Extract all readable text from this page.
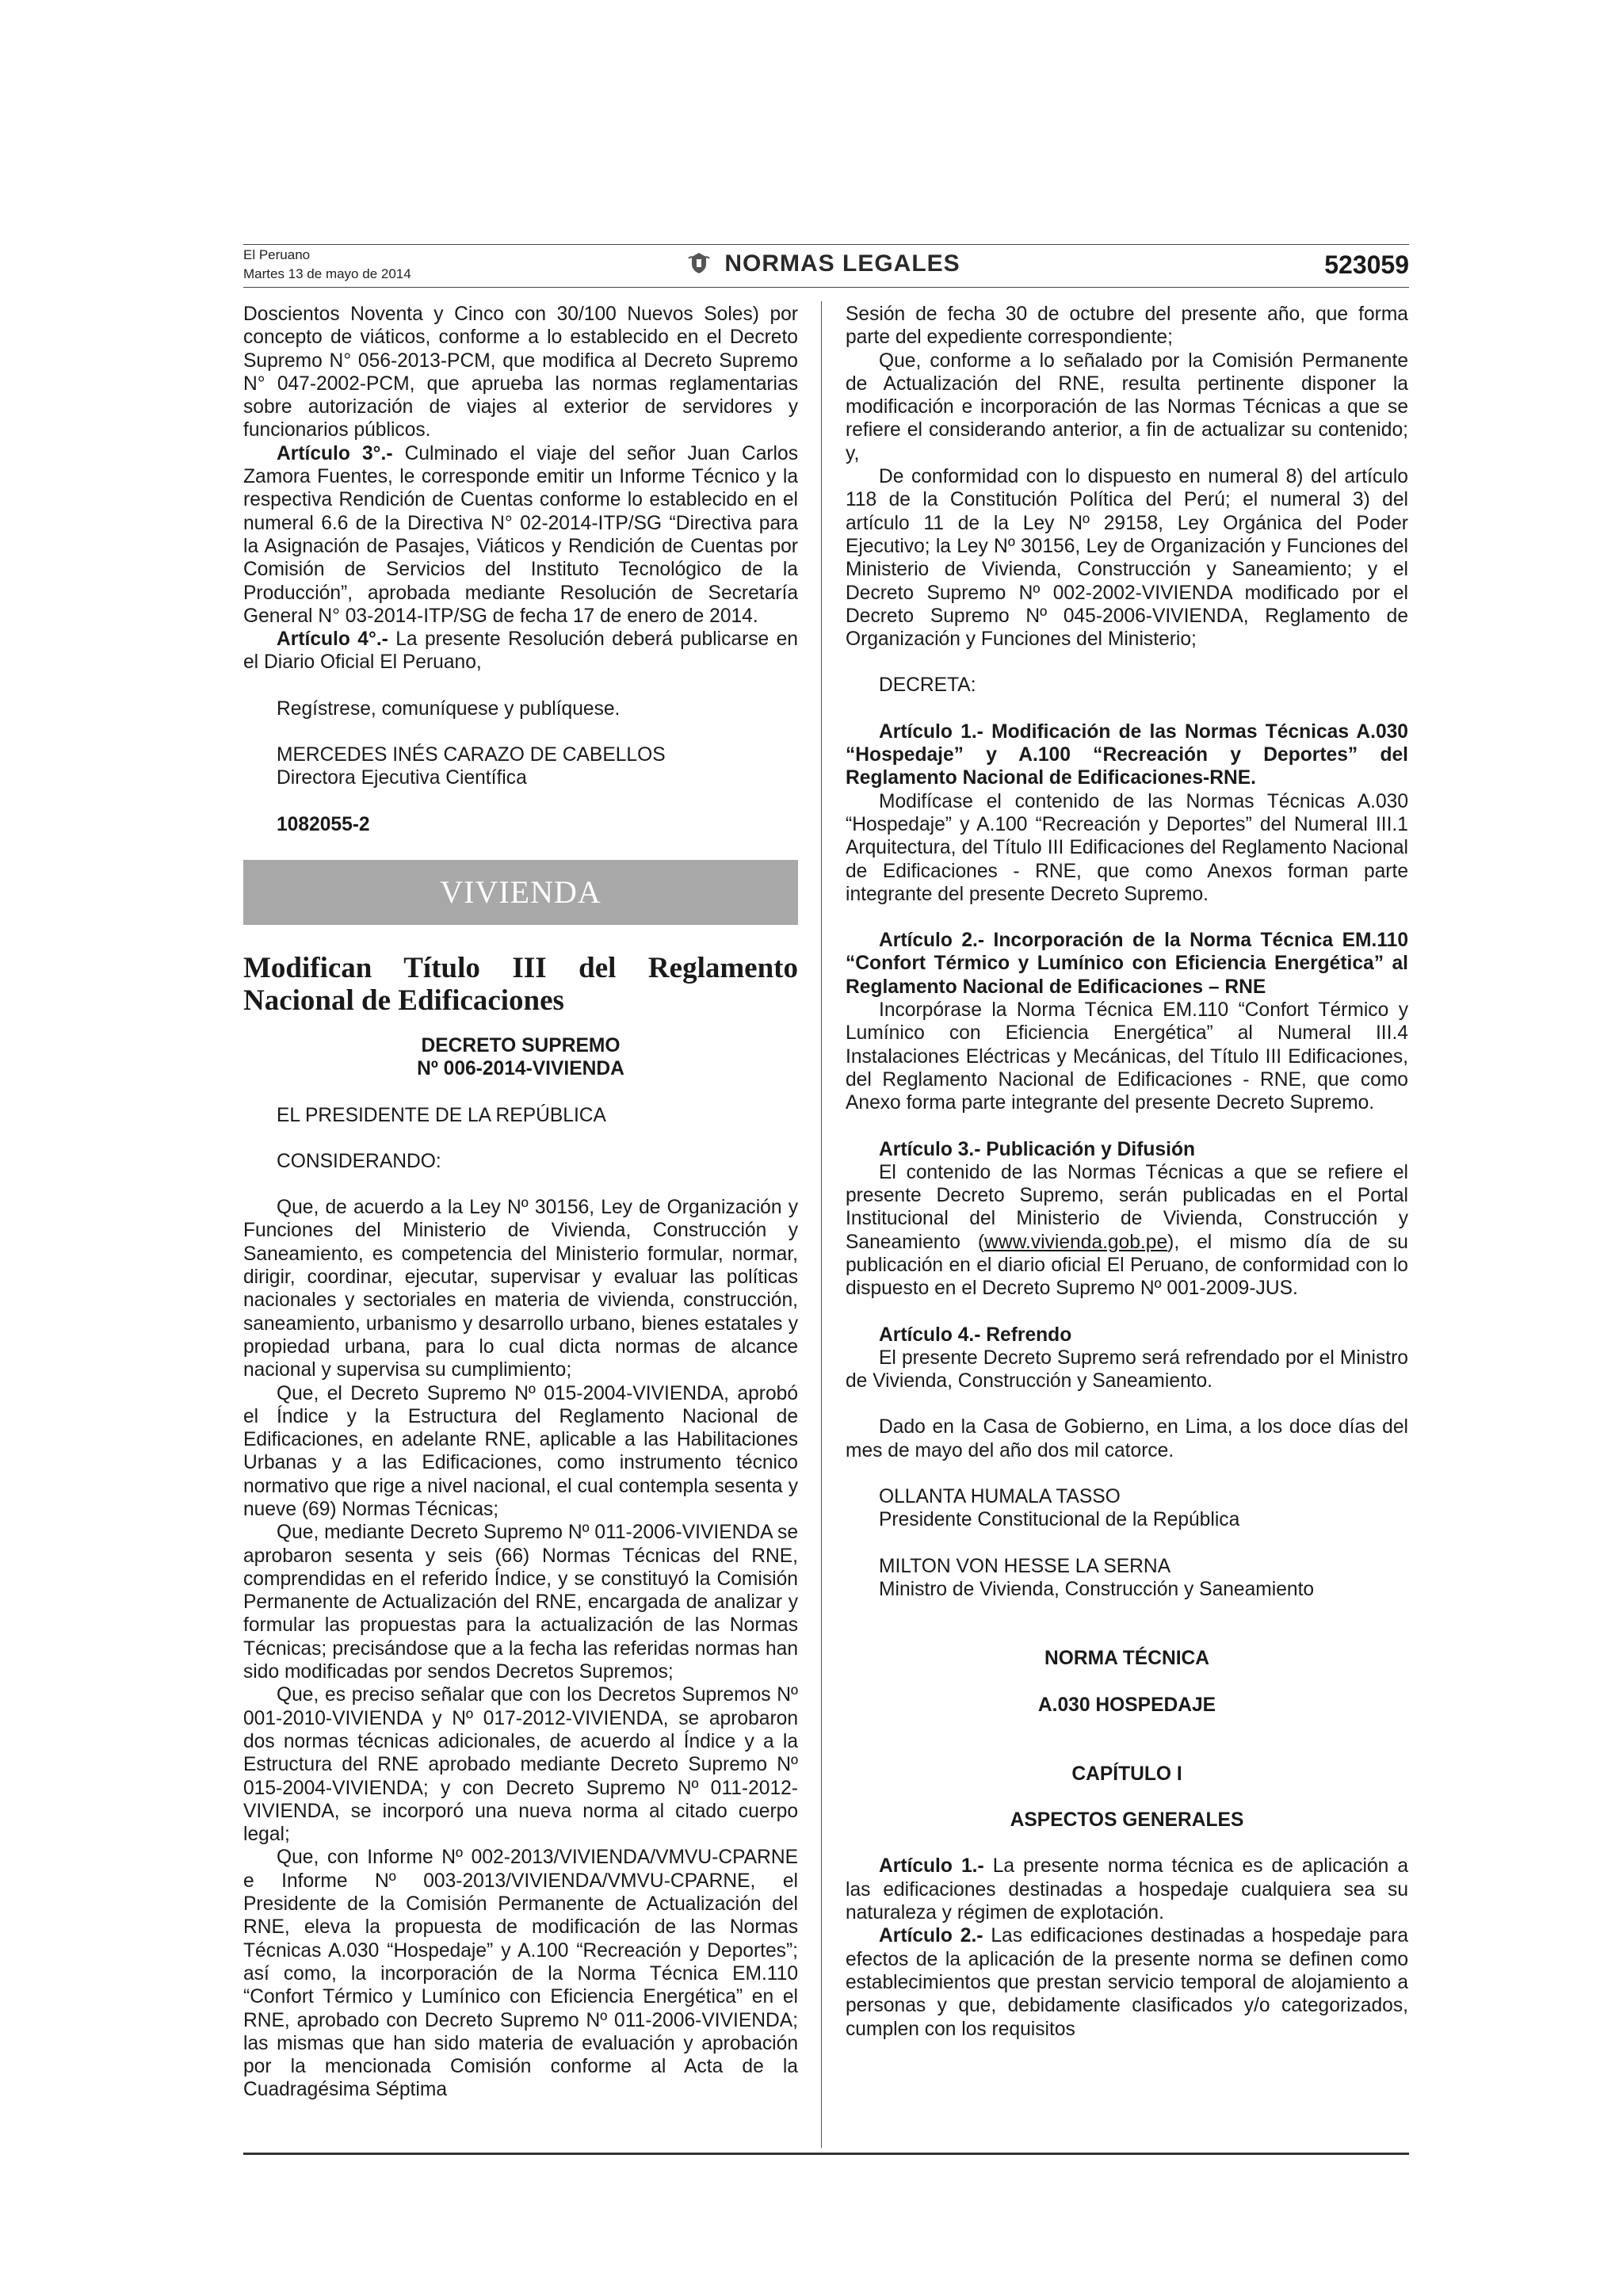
El Peruano
Martes 13 de mayo de 2014	NORMAS LEGALES	523059

Doscientos Noventa y Cinco con 30/100 Nuevos Soles) por concepto de viáticos, conforme a lo establecido en el Decreto Supremo N° 056-2013-PCM, que modifica al Decreto Supremo N° 047-2002-PCM, que aprueba las normas reglamentarias sobre autorización de viajes al exterior de servidores y funcionarios públicos.

Artículo 3°.- Culminado el viaje del señor Juan Carlos Zamora Fuentes, le corresponde emitir un Informe Técnico y la respectiva Rendición de Cuentas conforme lo establecido en el numeral 6.6 de la Directiva N° 02-2014-ITP/SG “Directiva para la Asignación de Pasajes, Viáticos y Rendición de Cuentas por Comisión de Servicios del Instituto Tecnológico de la Producción”, aprobada mediante Resolución de Secretaría General N° 03-2014-ITP/SG de fecha 17 de enero de 2014.

Artículo 4°.- La presente Resolución deberá publicarse en el Diario Oficial El Peruano,

Regístrese, comuníquese y publíquese.

MERCEDES INÉS CARAZO DE CABELLOS

Directora Ejecutiva Científica

1082055-2

VIVIENDA
Modifican Título III del Reglamento Nacional de Edificaciones

DECRETO SUPREMO

Nº 006-2014-VIVIENDA

EL PRESIDENTE DE LA REPÚBLICA

CONSIDERANDO:

Que, de acuerdo a la Ley Nº 30156, Ley de Organización y Funciones del Ministerio de Vivienda, Construcción y Saneamiento, es competencia del Ministerio formular, normar, dirigir, coordinar, ejecutar, supervisar y evaluar las políticas nacionales y sectoriales en materia de vivienda, construcción, saneamiento, urbanismo y desarrollo urbano, bienes estatales y propiedad urbana, para lo cual dicta normas de alcance nacional y supervisa su cumplimiento;

Que, el Decreto Supremo Nº 015-2004-VIVIENDA, aprobó el Índice y la Estructura del Reglamento Nacional de Edificaciones, en adelante RNE, aplicable a las Habilitaciones Urbanas y a las Edificaciones, como instrumento técnico normativo que rige a nivel nacional, el cual contempla sesenta y nueve (69) Normas Técnicas;

Que, mediante Decreto Supremo Nº 011-2006-VIVIENDA se aprobaron sesenta y seis (66) Normas Técnicas del RNE, comprendidas en el referido Índice, y se constituyó la Comisión Permanente de Actualización del RNE, encargada de analizar y formular las propuestas para la actualización de las Normas Técnicas; precisándose que a la fecha las referidas normas han sido modificadas por sendos Decretos Supremos;

Que, es preciso señalar que con los Decretos Supremos Nº 001-2010-VIVIENDA y Nº 017-2012-VIVIENDA, se aprobaron dos normas técnicas adicionales, de acuerdo al Índice y a la Estructura del RNE aprobado mediante Decreto Supremo Nº 015-2004-VIVIENDA; y con Decreto Supremo Nº 011-2012-VIVIENDA, se incorporó una nueva norma al citado cuerpo legal;

Que, con Informe Nº 002-2013/VIVIENDA/VMVU-CPARNE e Informe Nº 003-2013/VIVIENDA/VMVU-CPARNE, el Presidente de la Comisión Permanente de Actualización del RNE, eleva la propuesta de modificación de las Normas Técnicas A.030 “Hospedaje” y A.100 “Recreación y Deportes”; así como, la incorporación de la Norma Técnica EM.110 “Confort Térmico y Lumínico con Eficiencia Energética” en el RNE, aprobado con Decreto Supremo Nº 011-2006-VIVIENDA; las mismas que han sido materia de evaluación y aprobación por la mencionada Comisión conforme al Acta de la Cuadragésima Séptima

Sesión de fecha 30 de octubre del presente año, que forma parte del expediente correspondiente;

Que, conforme a lo señalado por la Comisión Permanente de Actualización del RNE, resulta pertinente disponer la modificación e incorporación de las Normas Técnicas a que se refiere el considerando anterior, a fin de actualizar su contenido; y,

De conformidad con lo dispuesto en numeral 8) del artículo 118 de la Constitución Política del Perú; el numeral 3) del artículo 11 de la Ley Nº 29158, Ley Orgánica del Poder Ejecutivo; la Ley Nº 30156, Ley de Organización y Funciones del Ministerio de Vivienda, Construcción y Saneamiento; y el Decreto Supremo Nº 002-2002-VIVIENDA modificado por el Decreto Supremo Nº 045-2006-VIVIENDA, Reglamento de Organización y Funciones del Ministerio;

DECRETA:

Artículo 1.- Modificación de las Normas Técnicas A.030 “Hospedaje” y A.100 “Recreación y Deportes” del Reglamento Nacional de Edificaciones-RNE.

Modifícase el contenido de las Normas Técnicas A.030 “Hospedaje” y A.100 “Recreación y Deportes” del Numeral III.1 Arquitectura, del Título III Edificaciones del Reglamento Nacional de Edificaciones - RNE, que como Anexos forman parte integrante del presente Decreto Supremo.

Artículo 2.- Incorporación de la Norma Técnica EM.110 “Confort Térmico y Lumínico con Eficiencia Energética” al Reglamento Nacional de Edificaciones – RNE

Incorpórase la Norma Técnica EM.110 “Confort Térmico y Lumínico con Eficiencia Energética” al Numeral III.4 Instalaciones Eléctricas y Mecánicas, del Título III Edificaciones, del Reglamento Nacional de Edificaciones - RNE, que como Anexo forma parte integrante del presente Decreto Supremo.

Artículo 3.- Publicación y Difusión

El contenido de las Normas Técnicas a que se refiere el presente Decreto Supremo, serán publicadas en el Portal Institucional del Ministerio de Vivienda, Construcción y Saneamiento (www.vivienda.gob.pe), el mismo día de su publicación en el diario oficial El Peruano, de conformidad con lo dispuesto en el Decreto Supremo Nº 001-2009-JUS.

Artículo 4.- Refrendo

El presente Decreto Supremo será refrendado por el Ministro de Vivienda, Construcción y Saneamiento.

Dado en la Casa de Gobierno, en Lima, a los doce días del mes de mayo del año dos mil catorce.

OLLANTA HUMALA TASSO

Presidente Constitucional de la República

MILTON VON HESSE LA SERNA

Ministro de Vivienda, Construcción y Saneamiento

NORMA TÉCNICA

A.030 HOSPEDAJE

CAPÍTULO I

ASPECTOS GENERALES

Artículo 1.- La presente norma técnica es de aplicación a las edificaciones destinadas a hospedaje cualquiera sea su naturaleza y régimen de explotación.

Artículo 2.- Las edificaciones destinadas a hospedaje para efectos de la aplicación de la presente norma se definen como establecimientos que prestan servicio temporal de alojamiento a personas y que, debidamente clasificados y/o categorizados, cumplen con los requisitos
